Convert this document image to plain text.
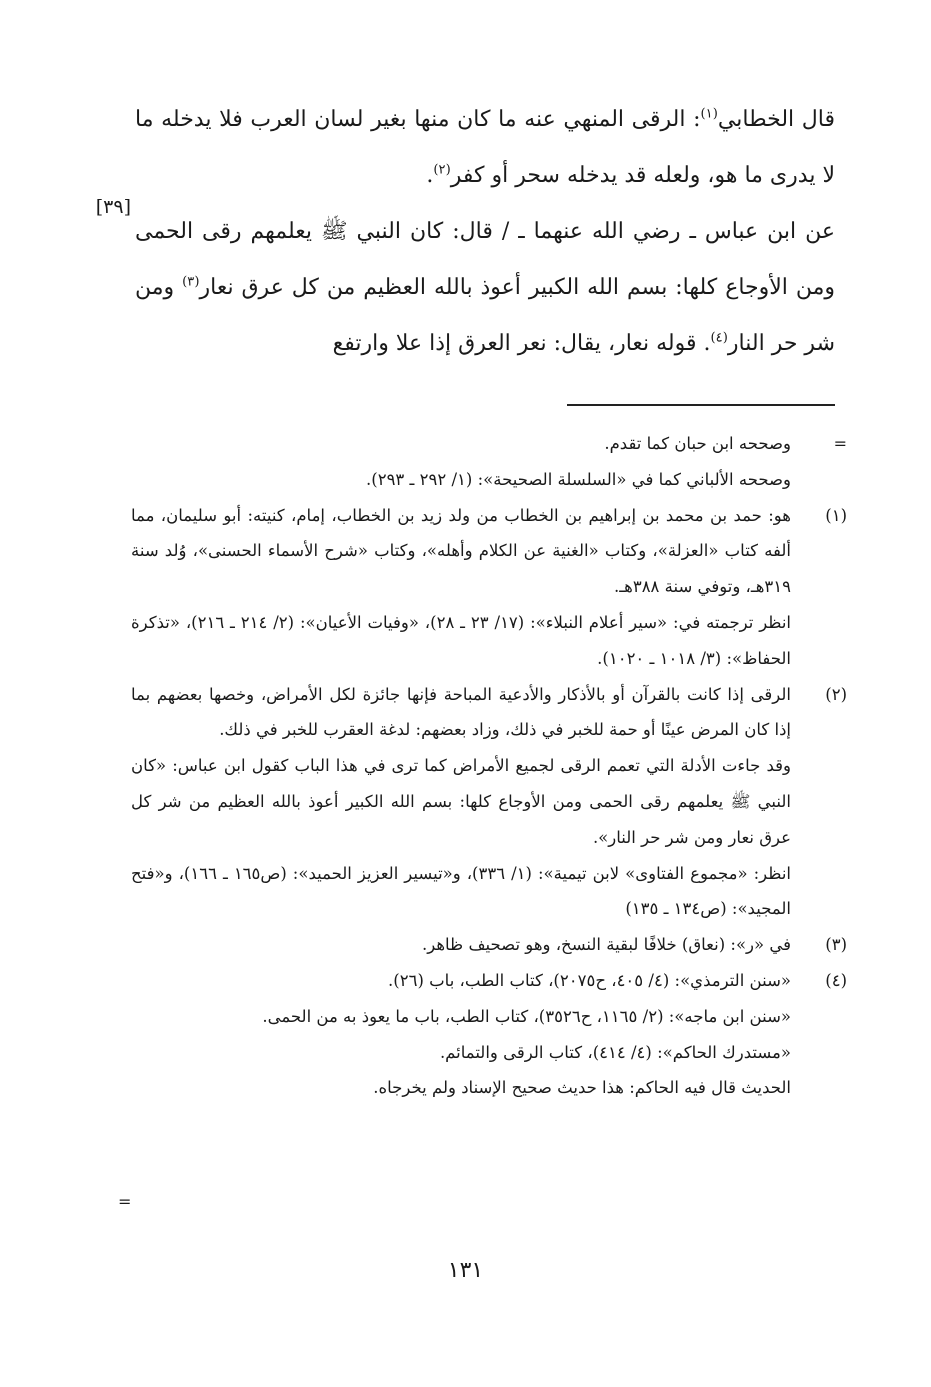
قال الخطابي$^{(١)}$: الرقى المنهي عنه ما كان منها بغير لسان العرب فلا يدخله ما لا يدرى ما هو، ولعله قد يدخله سحر أو كفر$^{(٢)}$.

عن ابن عباس ـ رضي الله عنهما ـ / قال: كان النبي ﷺ يعلمهم رقى الحمى ومن الأوجاع كلها: بسم الله الكبير أعوذ بالله العظيم من كل عرق نعار$^{(٣)}$ ومن شر حر النار$^{(٤)}$. قوله نعار، يقال: نعر العرق إذا علا وارتفع

[٣٩]
=

وصححه ابن حبان كما تقدم.

وصححه الألباني كما في «السلسلة الصحيحة»: (١/ ٢٩٢ ـ ٢٩٣).

(١)

هو: حمد بن محمد بن إبراهيم بن الخطاب من ولد زيد بن الخطاب، إمام، كنيته: أبو سليمان، مما ألفه كتاب «العزلة»، وكتاب «الغنية عن الكلام وأهله»، وكتاب «شرح الأسماء الحسنى»، وُلد سنة ٣١٩هـ، وتوفي سنة ٣٨٨هـ.

انظر ترجمته في: «سير أعلام النبلاء»: (١٧/ ٢٣ ـ ٢٨)، «وفيات الأعيان»: (٢/ ٢١٤ ـ ٢١٦)، «تذكرة الحفاظ»: (٣/ ١٠١٨ ـ ١٠٢٠).

(٢)

الرقى إذا كانت بالقرآن أو بالأذكار والأدعية المباحة فإنها جائزة لكل الأمراض، وخصها بعضهم بما إذا كان المرض عينًا أو حمة للخبر في ذلك، وزاد بعضهم: لدغة العقرب للخبر في ذلك.

وقد جاءت الأدلة التي تعمم الرقى لجميع الأمراض كما ترى في هذا الباب كقول ابن عباس: «كان النبي ﷺ يعلمهم رقى الحمى ومن الأوجاع كلها: بسم الله الكبير أعوذ بالله العظيم من شر كل عرق نعار ومن شر حر النار».

انظر: «مجموع الفتاوى» لابن تيمية»: (١/ ٣٣٦)، و«تيسير العزيز الحميد»: (ص١٦٥ ـ ١٦٦)، و«فتح المجيد»: (ص١٣٤ ـ ١٣٥)

(٣)

في «ر»: (نعاق) خلافًا لبقية النسخ، وهو تصحيف ظاهر.

(٤)

«سنن الترمذي»: (٤/ ٤٠٥، ح٢٠٧٥)، كتاب الطب، باب (٢٦).

«سنن ابن ماجه»: (٢/ ١١٦٥، ح٣٥٢٦)، كتاب الطب، باب ما يعوذ به من الحمى.

«مستدرك الحاكم»: (٤/ ٤١٤)، كتاب الرقى والتمائم.

الحديث قال فيه الحاكم: هذا حديث صحيح الإسناد ولم يخرجاه.

=
١٣١
